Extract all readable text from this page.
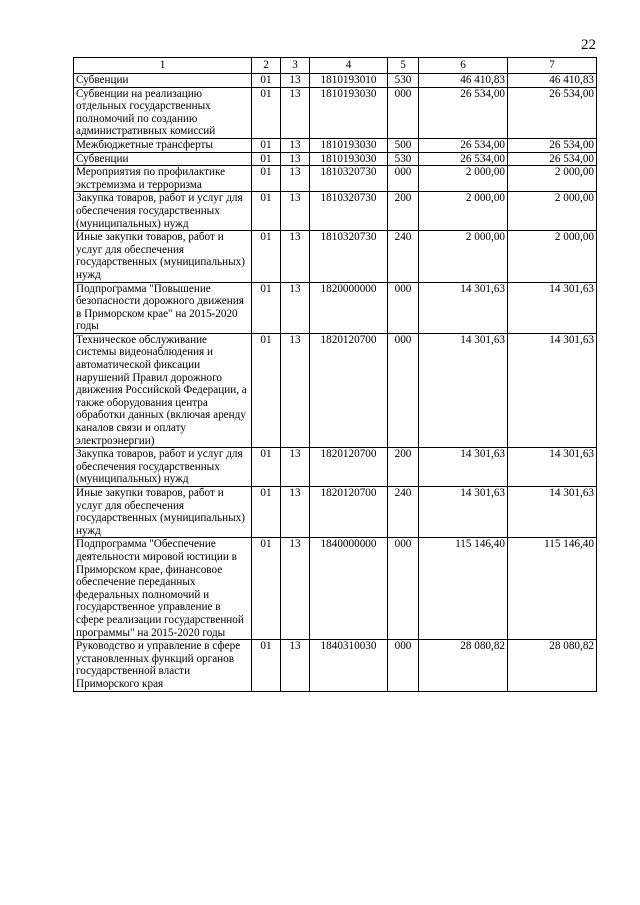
22
1	2	3	4	5	6	7
Субвенции	01	13	1810193010	530	46 410,83	46 410,83

Субвенции на реализацию отдельных государственных полномочий по созданию административных комиссий	01	13	1810193030	000	26 534,00	26 534,00

Межбюджетные трансферты	01	13	1810193030	500	26 534,00	26 534,00

Субвенции	01	13	1810193030	530	26 534,00	26 534,00

Мероприятия по профилактике экстремизма и терроризма	01	13	1810320730	000	2 000,00	2 000,00

Закупка товаров, работ и услуг для обеспечения государственных (муниципальных) нужд	01	13	1810320730	200	2 000,00	2 000,00

Иные закупки товаров, работ и услуг для обеспечения государственных (муниципальных) нужд	01	13	1810320730	240	2 000,00	2 000,00

Подпрограмма "Повышение безопасности дорожного движения в Приморском крае" на 2015-2020 годы	01	13	1820000000	000	14 301,63	14 301,63

Техническое обслуживание системы видеонаблюдения и автоматической фиксации нарушений Правил дорожного движения Российской Федерации, а также оборудования центра обработки данных (включая аренду каналов связи и оплату электроэнергии)	01	13	1820120700	000	14 301,63	14 301,63

Закупка товаров, работ и услуг для обеспечения государственных (муниципальных) нужд	01	13	1820120700	200	14 301,63	14 301,63

Иные закупки товаров, работ и услуг для обеспечения государственных (муниципальных) нужд	01	13	1820120700	240	14 301,63	14 301,63

Подпрограмма "Обеспечение деятельности мировой юстиции в Приморском крае, финансовое обеспечение переданных федеральных полномочий и государственное управление в сфере реализации государственной программы" на 2015-2020 годы	01	13	1840000000	000	115 146,40	115 146,40

Руководство и управление в сфере установленных функций органов государственной власти Приморского края	01	13	1840310030	000	28 080,82	28 080,82
